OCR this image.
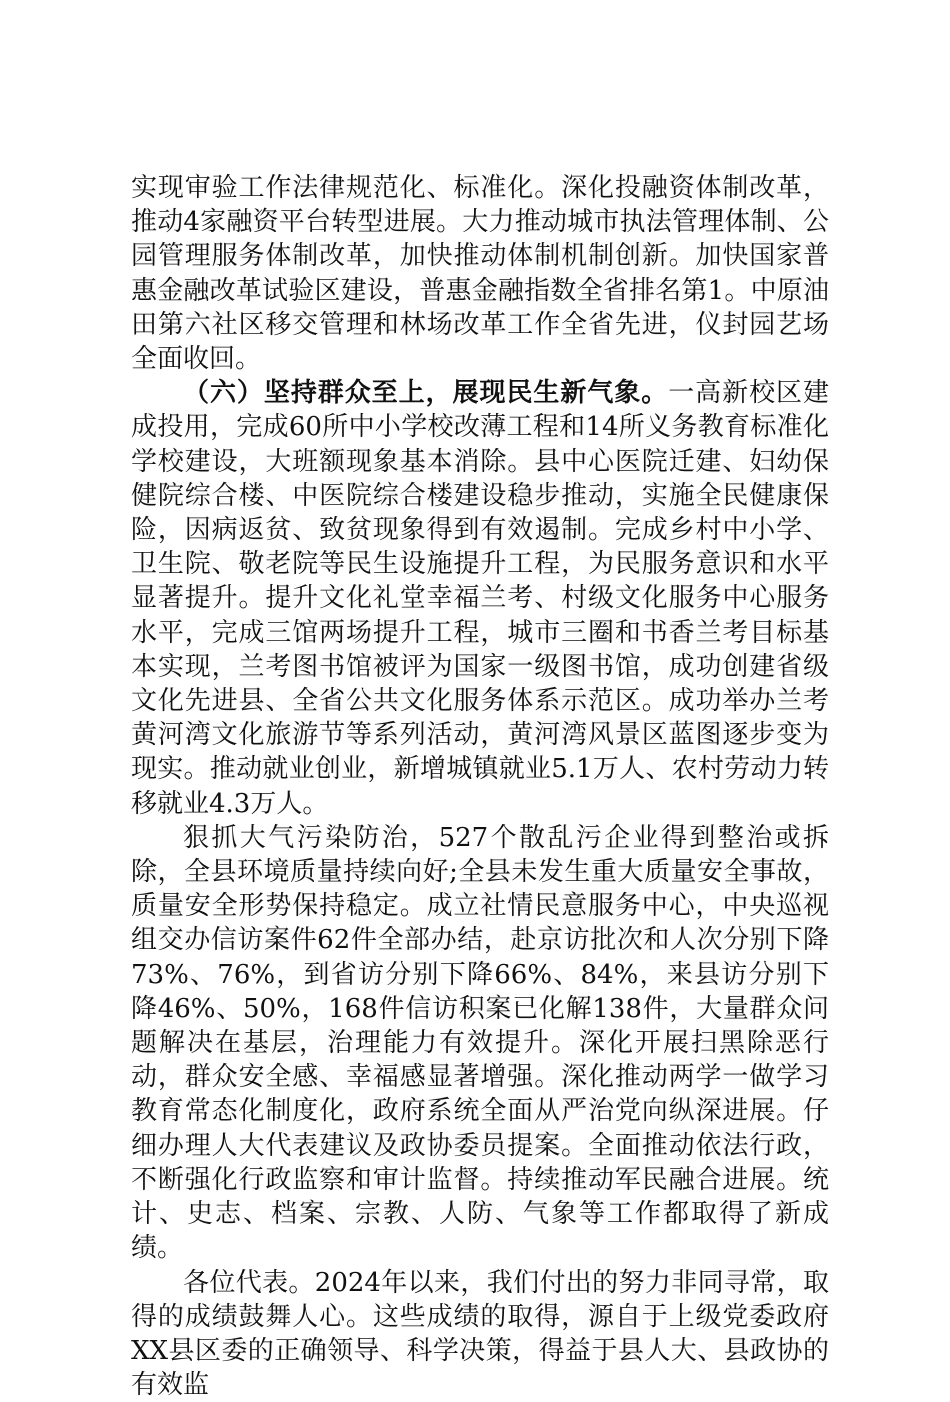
实现审验工作法律规范化、标准化。深化投融资体制改革，推动4家融资平台转型进展。大力推动城市执法管理体制、公园管理服务体制改革，加快推动体制机制创新。加快国家普惠金融改革试验区建设，普惠金融指数全省排名第1。中原油田第六社区移交管理和林场改革工作全省先进，仪封园艺场全面收回。

（六）坚持群众至上，展现民生新气象。一高新校区建成投用，完成60所中小学校改薄工程和14所义务教育标准化学校建设，大班额现象基本消除。县中心医院迁建、妇幼保健院综合楼、中医院综合楼建设稳步推动，实施全民健康保险，因病返贫、致贫现象得到有效遏制。完成乡村中小学、卫生院、敬老院等民生设施提升工程，为民服务意识和水平显著提升。提升文化礼堂幸福兰考、村级文化服务中心服务水平，完成三馆两场提升工程，城市三圈和书香兰考目标基本实现，兰考图书馆被评为国家一级图书馆，成功创建省级文化先进县、全省公共文化服务体系示范区。成功举办兰考黄河湾文化旅游节等系列活动，黄河湾风景区蓝图逐步变为现实。推动就业创业，新增城镇就业5.1万人、农村劳动力转移就业4.3万人。

狠抓大气污染防治，527个散乱污企业得到整治或拆除，全县环境质量持续向好;全县未发生重大质量安全事故，质量安全形势保持稳定。成立社情民意服务中心，中央巡视组交办信访案件62件全部办结，赴京访批次和人次分别下降73%、76%，到省访分别下降66%、84%，来县访分别下降46%、50%，168件信访积案已化解138件，大量群众问题解决在基层，治理能力有效提升。深化开展扫黑除恶行动，群众安全感、幸福感显著增强。深化推动两学一做学习教育常态化制度化，政府系统全面从严治党向纵深进展。仔细办理人大代表建议及政协委员提案。全面推动依法行政，不断强化行政监察和审计监督。持续推动军民融合进展。统计、史志、档案、宗教、人防、气象等工作都取得了新成绩。

各位代表。2024年以来，我们付出的努力非同寻常，取得的成绩鼓舞人心。这些成绩的取得，源自于上级党委政府XX县区委的正确领导、科学决策，得益于县人大、县政协的有效监
